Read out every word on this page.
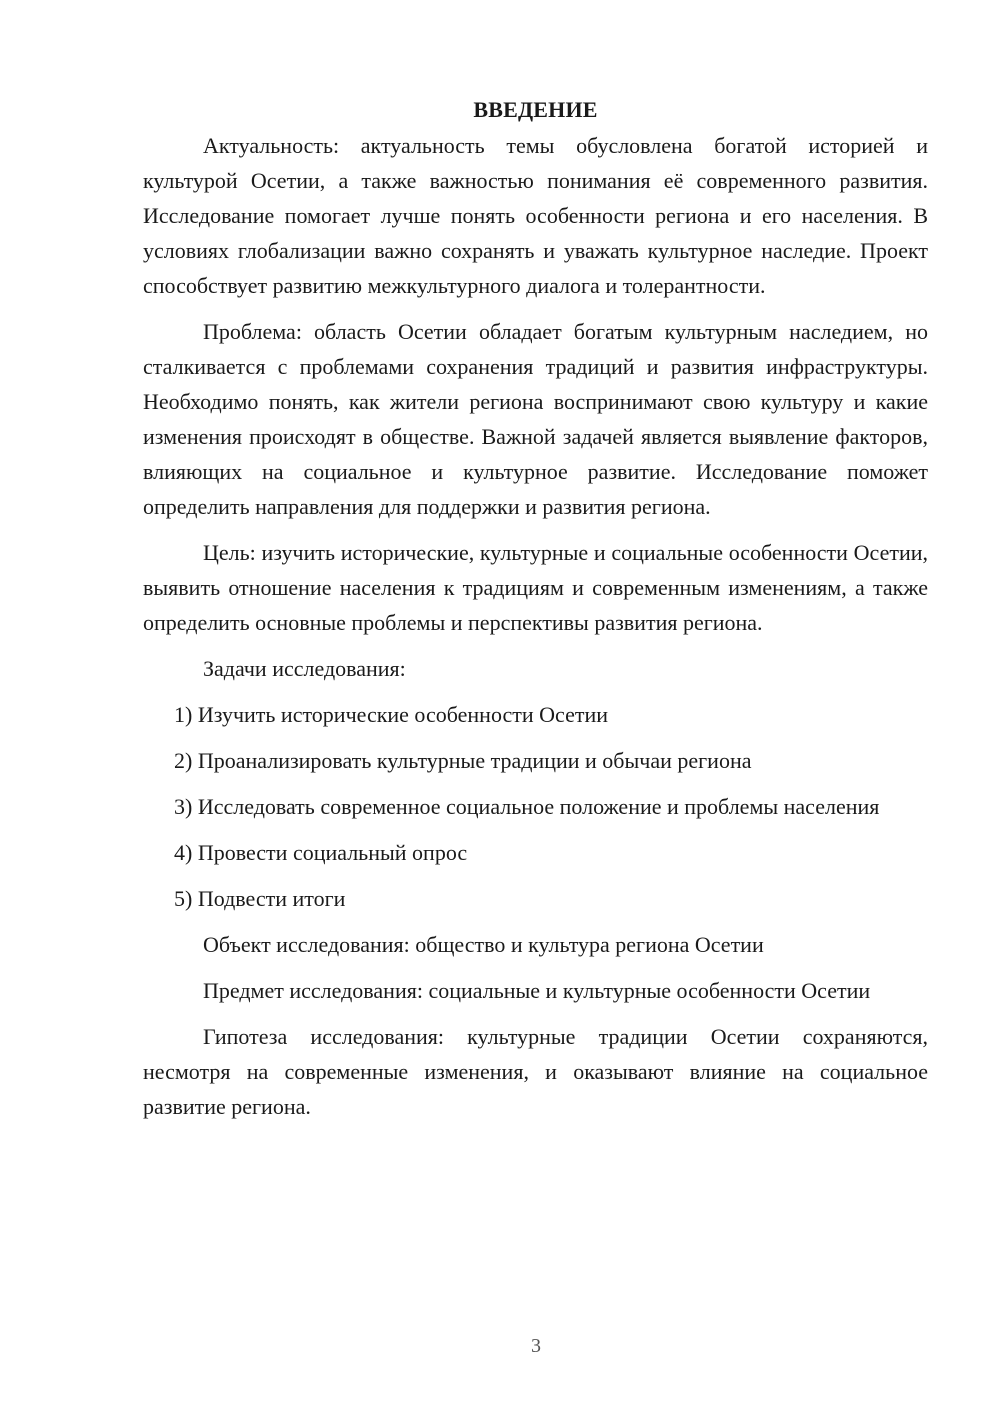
ВВЕДЕНИЕ

Актуальность: актуальность темы обусловлена богатой историей и культурой Осетии, а также важностью понимания её современного развития. Исследование помогает лучше понять особенности региона и его населения. В условиях глобализации важно сохранять и уважать культурное наследие. Проект способствует развитию межкультурного диалога и толерантности.

Проблема: область Осетии обладает богатым культурным наследием, но сталкивается с проблемами сохранения традиций и развития инфраструктуры. Необходимо понять, как жители региона воспринимают свою культуру и какие изменения происходят в обществе. Важной задачей является выявление факторов, влияющих на социальное и культурное развитие. Исследование поможет определить направления для поддержки и развития региона.

Цель: изучить исторические, культурные и социальные особенности Осетии, выявить отношение населения к традициям и современным изменениям, а также определить основные проблемы и перспективы развития региона.

Задачи исследования:

1) Изучить исторические особенности Осетии

2) Проанализировать культурные традиции и обычаи региона

3) Исследовать современное социальное положение и проблемы населения

4) Провести социальный опрос

5) Подвести итоги

Объект исследования: общество и культура региона Осетии

Предмет исследования: социальные и культурные особенности Осетии

Гипотеза исследования: культурные традиции Осетии сохраняются, несмотря на современные изменения, и оказывают влияние на социальное развитие региона.

3
